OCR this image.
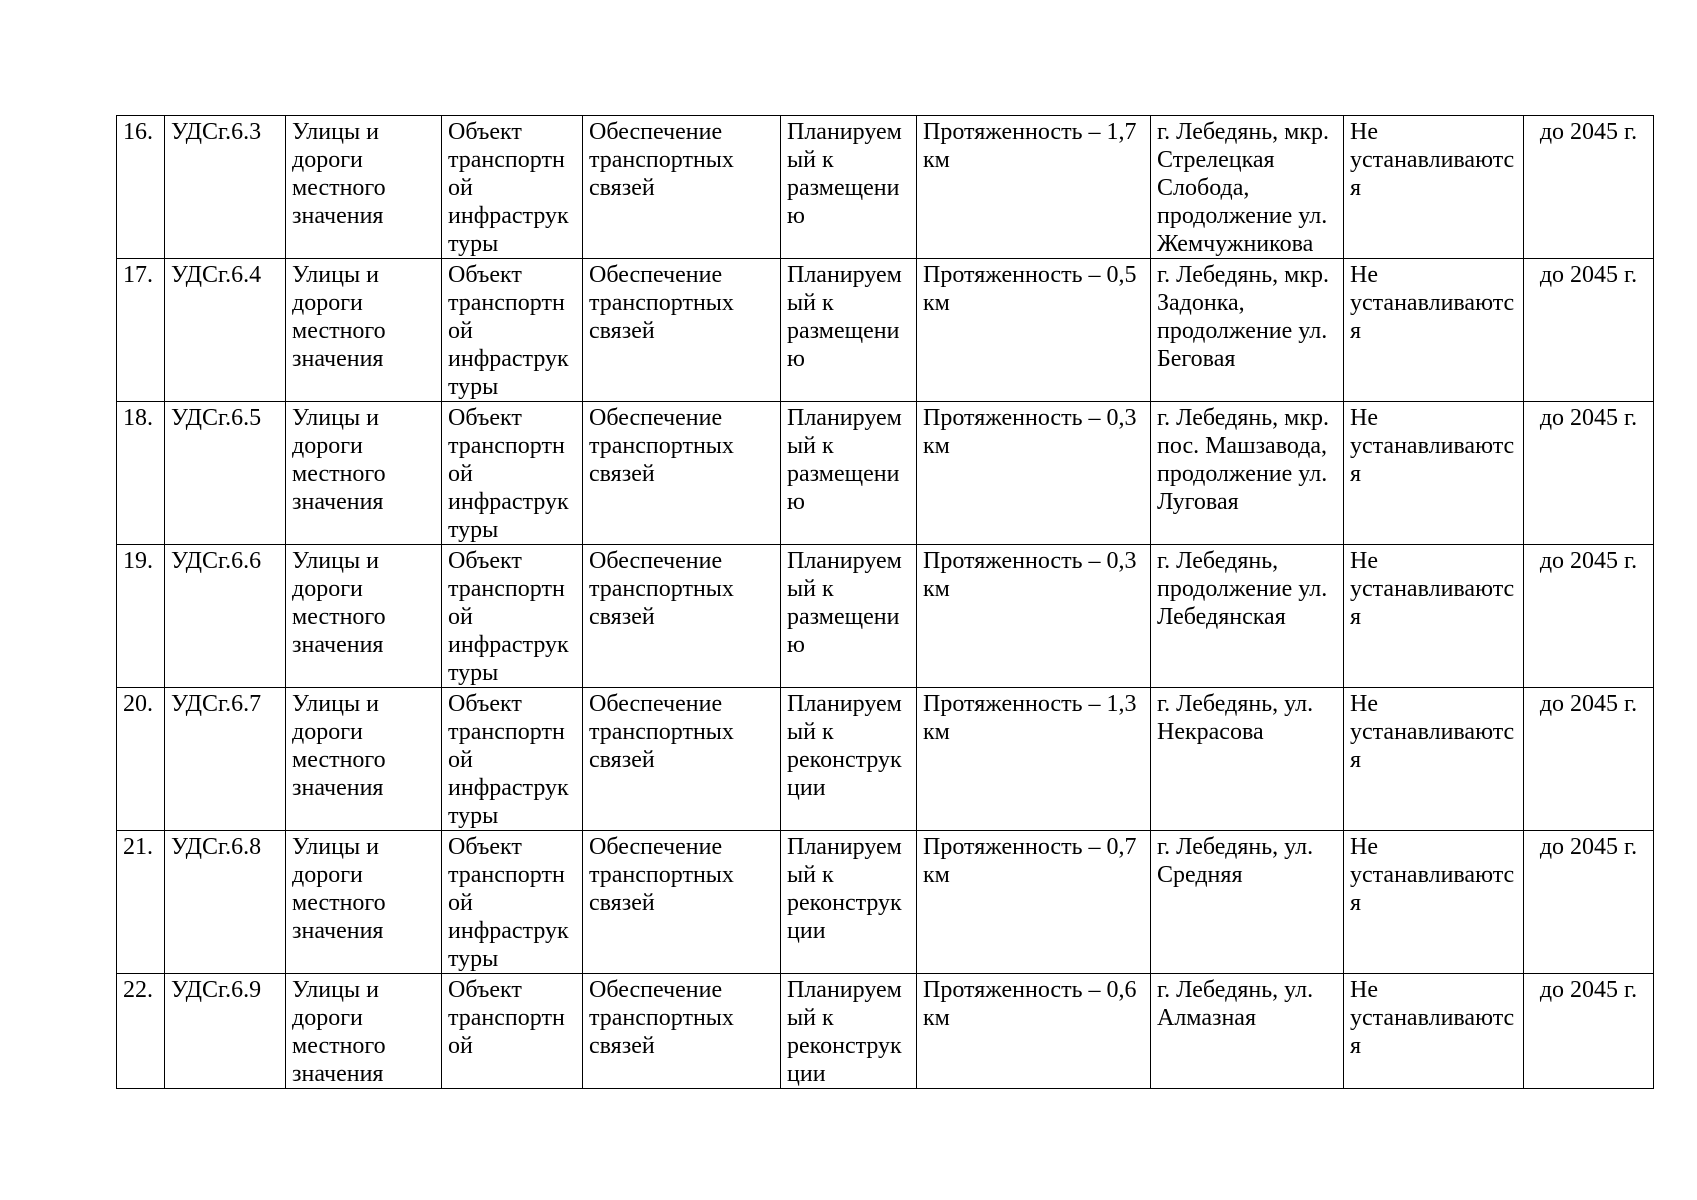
16.	УДСг.6.3	Улицы и дороги местного значения	Объект транспортной инфраструктуры	Обеспечение транспортных связей	Планируемый к размещению	Протяженность – 1,7 км	г. Лебедянь, мкр. Стрелецкая Слобода, продолжение ул. Жемчужникова	Не устанавливаются	до 2045 г.
17.	УДСг.6.4	Улицы и дороги местного значения	Объект транспортной инфраструктуры	Обеспечение транспортных связей	Планируемый к размещению	Протяженность – 0,5 км	г. Лебедянь, мкр. Задонка, продолжение ул. Беговая	Не устанавливаются	до 2045 г.
18.	УДСг.6.5	Улицы и дороги местного значения	Объект транспортной инфраструктуры	Обеспечение транспортных связей	Планируемый к размещению	Протяженность – 0,3 км	г. Лебедянь, мкр. пос. Машзавода, продолжение ул. Луговая	Не устанавливаются	до 2045 г.
19.	УДСг.6.6	Улицы и дороги местного значения	Объект транспортной инфраструктуры	Обеспечение транспортных связей	Планируемый к размещению	Протяженность – 0,3 км	г. Лебедянь, продолжение ул. Лебедянская	Не устанавливаются	до 2045 г.
20.	УДСг.6.7	Улицы и дороги местного значения	Объект транспортной инфраструктуры	Обеспечение транспортных связей	Планируемый к реконструкции	Протяженность – 1,3 км	г. Лебедянь, ул. Некрасова	Не устанавливаются	до 2045 г.
21.	УДСг.6.8	Улицы и дороги местного значения	Объект транспортной инфраструктуры	Обеспечение транспортных связей	Планируемый к реконструкции	Протяженность – 0,7 км	г. Лебедянь, ул. Средняя	Не устанавливаются	до 2045 г.
22.	УДСг.6.9	Улицы и дороги местного значения	Объект транспортной	Обеспечение транспортных связей	Планируемый к реконструкции	Протяженность – 0,6 км	г. Лебедянь, ул. Алмазная	Не устанавливаются	до 2045 г.
